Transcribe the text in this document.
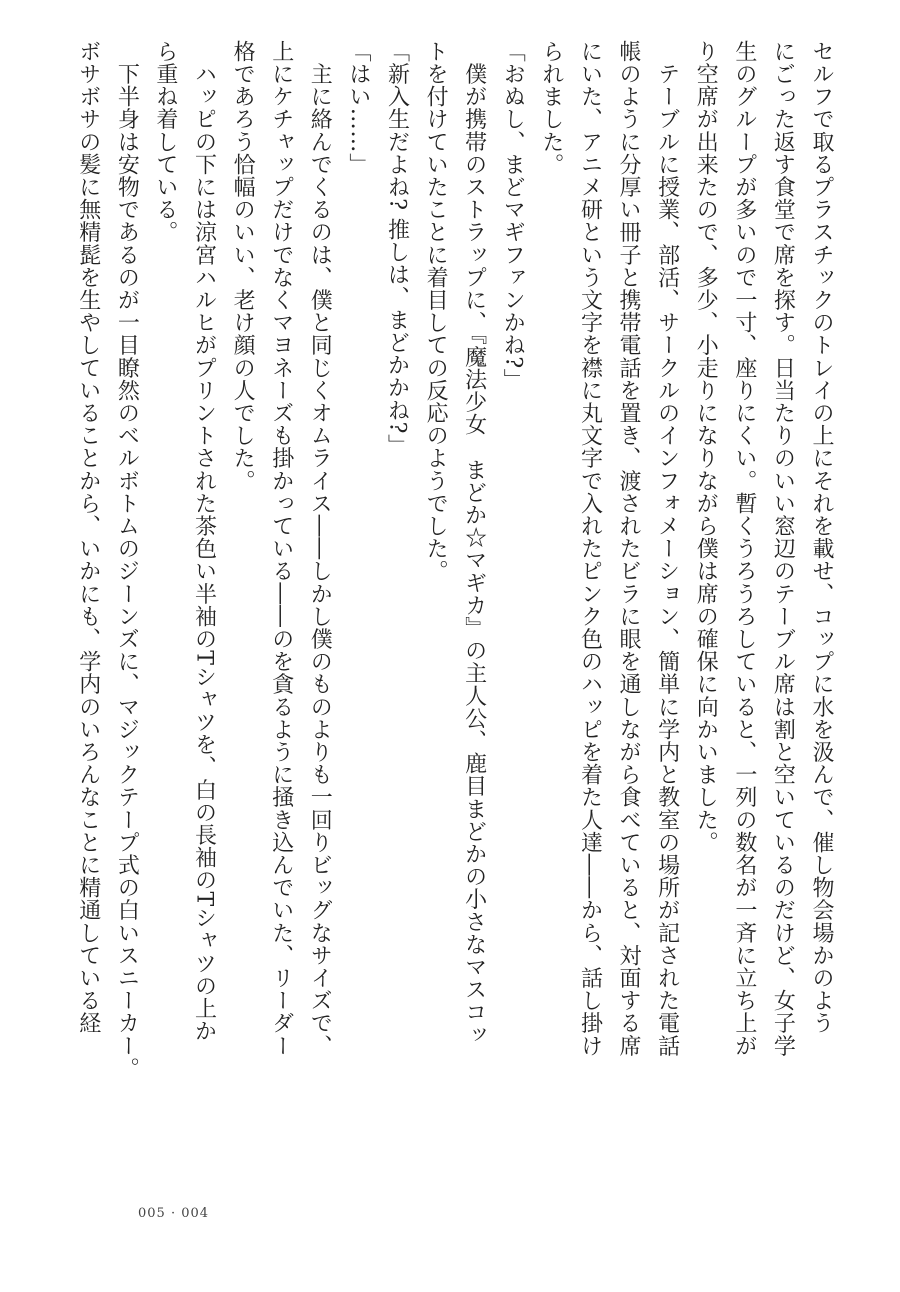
セルフで取るプラスチックのトレイの上にそれを載せ、コップに水を汲んで、催し物会場かのよう
にごった返す食堂で席を探す。日当たりのいい窓辺のテーブル席は割と空いているのだけど、女子学
生のグループが多いので一寸、座りにくい。暫くうろうろしていると、一列の数名が一斉に立ち上が
り空席が出来たので、多少、小走りになりながら僕は席の確保に向かいました。
　テーブルに授業、部活、サークルのインフォメーション、簡単に学内と教室の場所が記された電話
帳のように分厚い冊子と携帯電話を置き、渡されたビラに眼を通しながら食べていると、対面する席
にいた、アニメ研という文字を襟に丸文字で入れたピンク色のハッピを着た人達――から、話し掛け
られました。
「おぬし、まどマギファンかね?」
　僕が携帯のストラップに、『魔法少女　まどか☆マギカ』の主人公、鹿目まどかの小さなマスコッ
トを付けていたことに着目しての反応のようでした。
「新入生だよね? 推しは、まどかかね?」
「はい……」
　主に絡んでくるのは、僕と同じくオムライス――しかし僕のものよりも一回りビッグなサイズで、
上にケチャップだけでなくマヨネーズも掛かっている――のを貪るように掻き込んでいた、リーダー
格であろう恰幅のいい、老け顔の人でした。
　ハッピの下には涼宮ハルヒがプリントされた茶色い半袖のTシャツを、白の長袖のTシャツの上か
ら重ね着している。
　下半身は安物であるのが一目瞭然のベルボトムのジーンズに、マジックテープ式の白いスニーカー。
ボサボサの髪に無精髭を生やしていることから、いかにも、学内のいろんなことに精通している経
005 · 004
